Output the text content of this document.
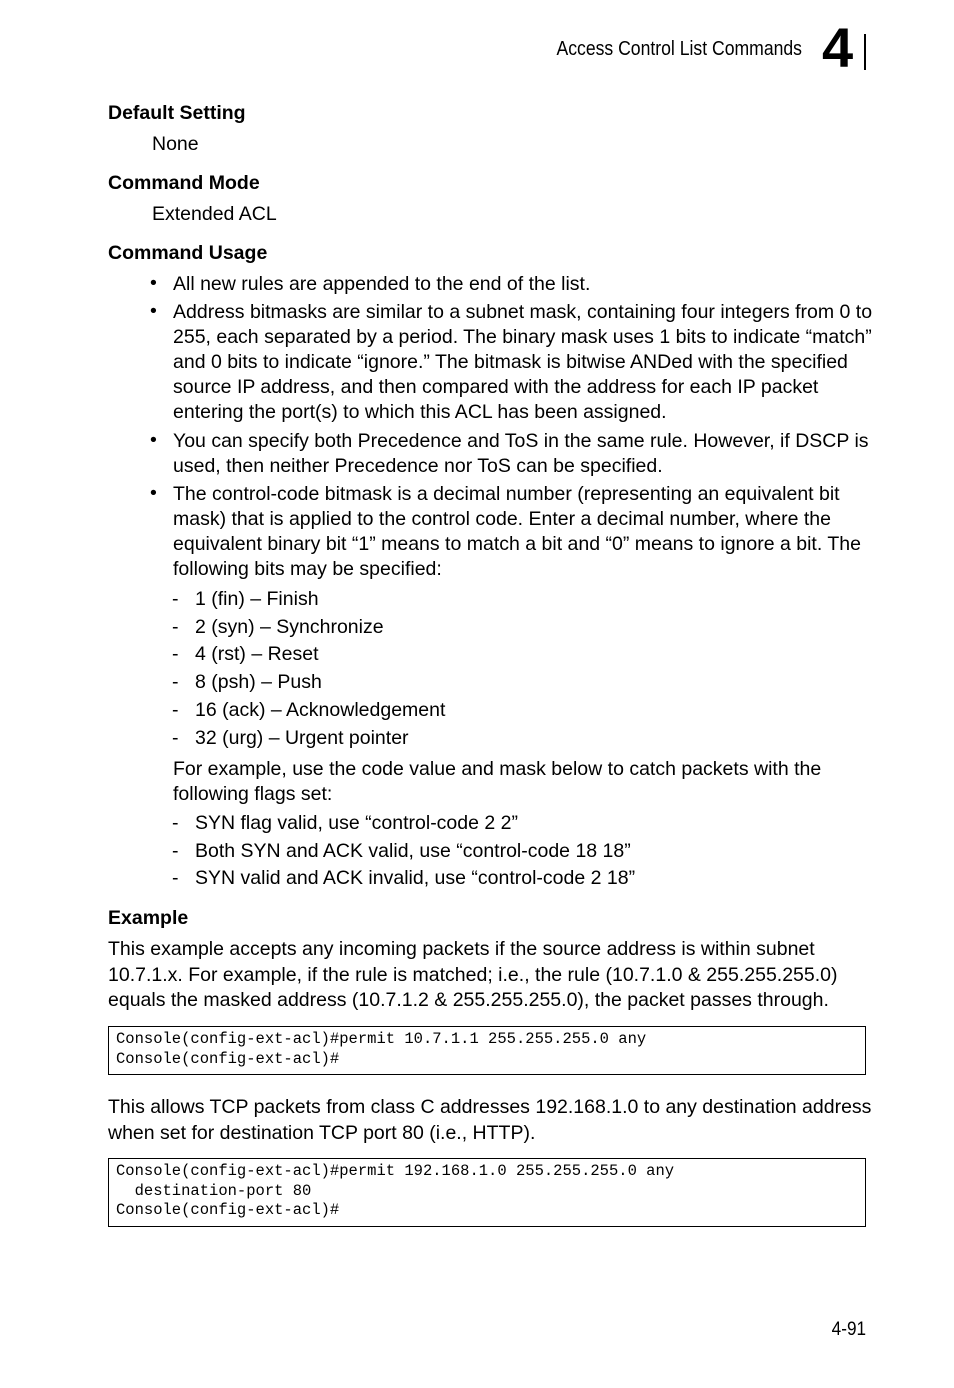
Access Control List Commands 4
Default Setting
None
Command Mode
Extended ACL
Command Usage
• All new rules are appended to the end of the list.
• Address bitmasks are similar to a subnet mask, containing four integers from 0 to 255, each separated by a period. The binary mask uses 1 bits to indicate “match” and 0 bits to indicate “ignore.” The bitmask is bitwise ANDed with the specified source IP address, and then compared with the address for each IP packet entering the port(s) to which this ACL has been assigned.
• You can specify both Precedence and ToS in the same rule. However, if DSCP is used, then neither Precedence nor ToS can be specified.
• The control-code bitmask is a decimal number (representing an equivalent bit mask) that is applied to the control code. Enter a decimal number, where the equivalent binary bit “1” means to match a bit and “0” means to ignore a bit. The following bits may be specified:
- 1 (fin) – Finish
- 2 (syn) – Synchronize
- 4 (rst) – Reset
- 8 (psh) – Push
- 16 (ack) – Acknowledgement
- 32 (urg) – Urgent pointer
For example, use the code value and mask below to catch packets with the following flags set:
- SYN flag valid, use “control-code 2 2”
- Both SYN and ACK valid, use “control-code 18 18”
- SYN valid and ACK invalid, use “control-code 2 18”
Example
This example accepts any incoming packets if the source address is within subnet 10.7.1.x. For example, if the rule is matched; i.e., the rule (10.7.1.0 & 255.255.255.0) equals the masked address (10.7.1.2 & 255.255.255.0), the packet passes through.
Console(config-ext-acl)#permit 10.7.1.1 255.255.255.0 any
Console(config-ext-acl)#
This allows TCP packets from class C addresses 192.168.1.0 to any destination address when set for destination TCP port 80 (i.e., HTTP).
Console(config-ext-acl)#permit 192.168.1.0 255.255.255.0 any
destination-port 80
Console(config-ext-acl)#
4-91
